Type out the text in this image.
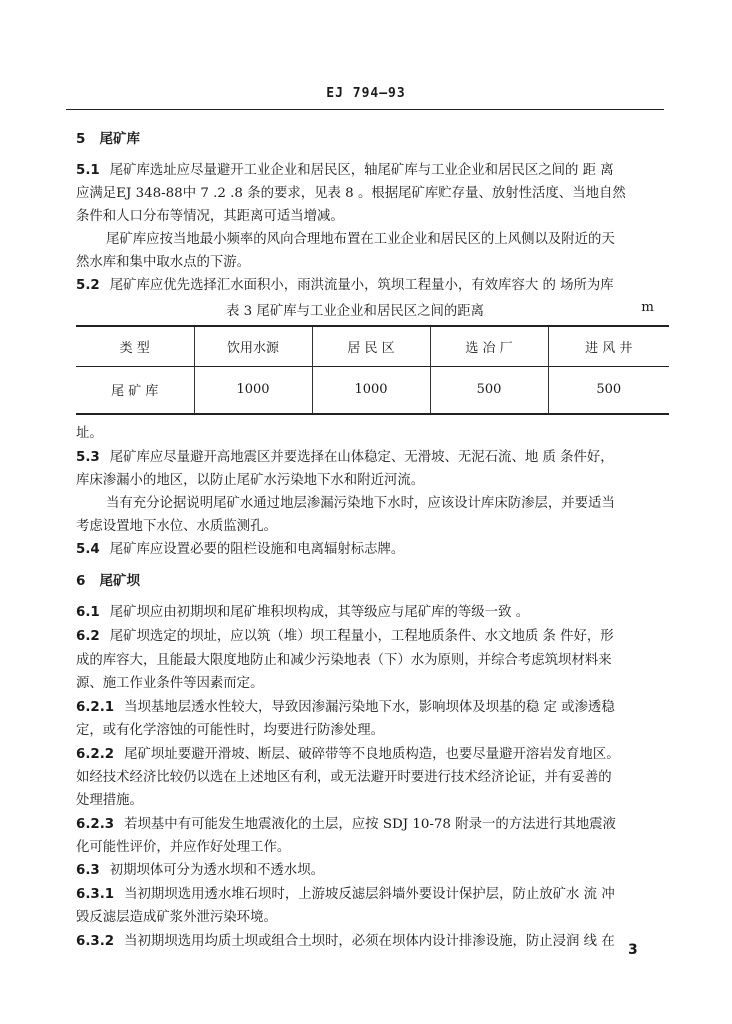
EJ 794—93
5 尾矿库
5.1 尾矿库选址应尽量避开工业企业和居民区，轴尾矿库与工业企业和居民区之间的 距 离
应满足EJ 348-88中 7 .2 .8 条的要求，见表 8 。根据尾矿库贮存量、放射性活度、当地自然
条件和人口分布等情况，其距离可适当增减。
尾矿库应按当地最小频率的风向合理地布置在工业企业和居民区的上风侧以及附近的天
然水库和集中取水点的下游。
5.2 尾矿库应优先选择汇水面积小，雨洪流量小，筑坝工程量小，有效库容大 的 场所为库
表 3 尾矿库与工业企业和居民区之间的距离	m
类 型	饮用水源	居 民 区	选 冶 厂	进 风 井
尾 矿 库	1000	1000	500	500
址。
5.3 尾矿库应尽量避开高地震区并要选择在山体稳定、无滑坡、无泥石流、地 质 条件好，
库床渗漏小的地区，以防止尾矿水污染地下水和附近河流。
当有充分论据说明尾矿水通过地层渗漏污染地下水时，应该设计库床防渗层，并要适当
考虑设置地下水位、水质监测孔。
5.4 尾矿库应设置必要的阻栏设施和电离辐射标志牌。
6 尾矿坝
6.1 尾矿坝应由初期坝和尾矿堆积坝构成，其等级应与尾矿库的等级一致 。
6.2 尾矿坝选定的坝址，应以筑（堆）坝工程量小，工程地质条件、水文地质 条 件好，形
成的库容大，且能最大限度地防止和减少污染地表（下）水为原则，并综合考虑筑坝材料来
源、施工作业条件等因素而定。
6.2.1 当坝基地层透水性较大，导致因渗漏污染地下水，影响坝体及坝基的稳 定 或渗透稳
定，或有化学溶蚀的可能性时，均要进行防渗处理。
6.2.2 尾矿坝址要避开滑坡、断层、破碎带等不良地质构造，也要尽量避开溶岩发育地区。
如经技术经济比较仍以选在上述地区有利，或无法避开时要进行技术经济论证，并有妥善的
处理措施。
6.2.3 若坝基中有可能发生地震液化的土层，应按 SDJ 10-78 附录一的方法进行其地震液
化可能性评价，并应作好处理工作。
6.3 初期坝体可分为透水坝和不透水坝。
6.3.1 当初期坝选用透水堆石坝时，上游坡反滤层斜墙外要设计保护层，防止放矿水 流 冲
毁反滤层造成矿浆外泄污染环境。
6.3.2 当初期坝选用均质土坝或组合土坝时，必须在坝体内设计排渗设施，防止浸润 线 在
3
